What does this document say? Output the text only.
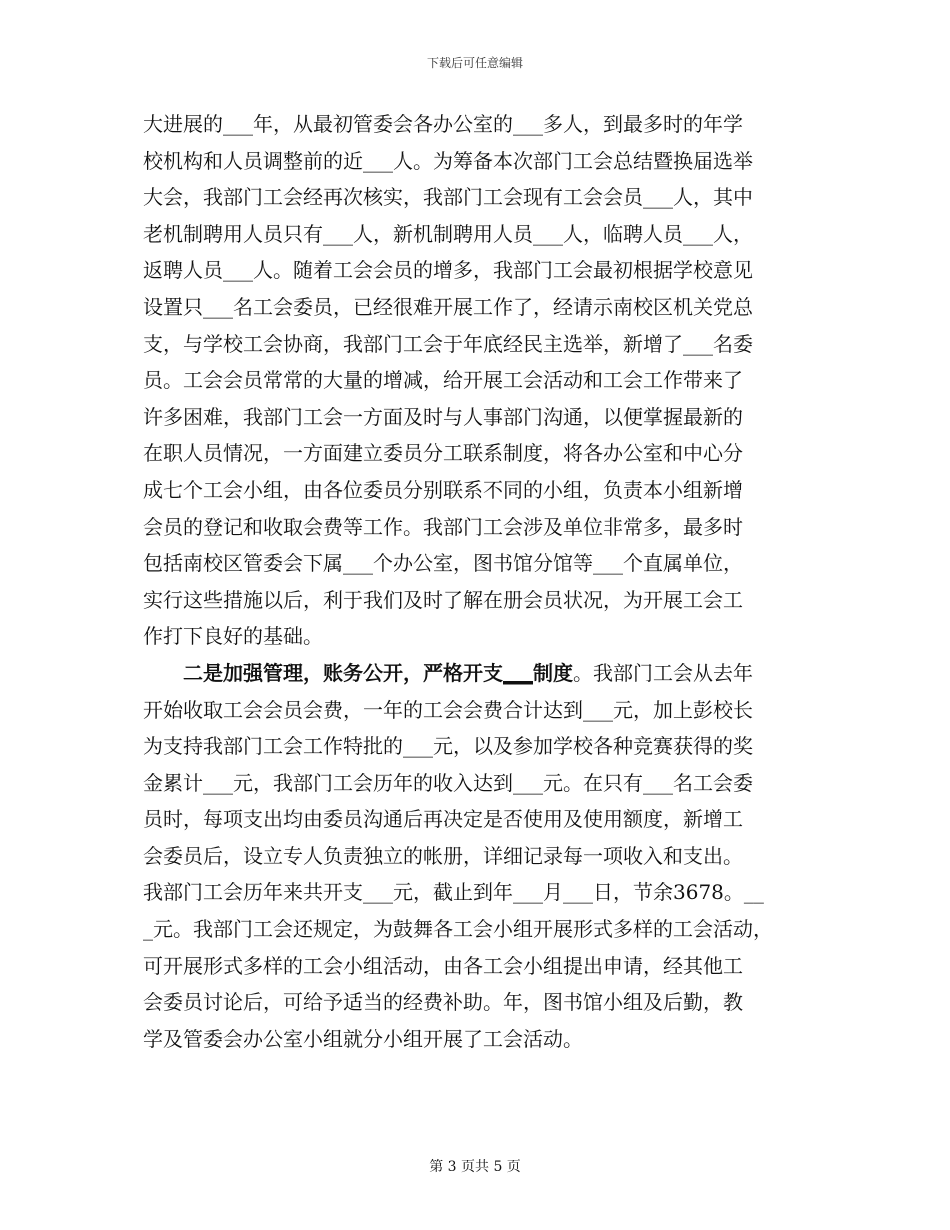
下载后可任意编辑
大进展的___年，从最初管委会各办公室的___多人，到最多时的年学
校机构和人员调整前的近___人。为筹备本次部门工会总结暨换届选举
大会，我部门工会经再次核实，我部门工会现有工会会员___人，其中
老机制聘用人员只有___人，新机制聘用人员___人，临聘人员___人，
返聘人员___人。随着工会会员的增多，我部门工会最初根据学校意见
设置只___名工会委员，已经很难开展工作了，经请示南校区机关党总
支，与学校工会协商，我部门工会于年底经民主选举，新增了___名委
员。工会会员常常的大量的增减，给开展工会活动和工会工作带来了
许多困难，我部门工会一方面及时与人事部门沟通，以便掌握最新的
在职人员情况，一方面建立委员分工联系制度，将各办公室和中心分
成七个工会小组，由各位委员分别联系不同的小组，负责本小组新增
会员的登记和收取会费等工作。我部门工会涉及单位非常多，最多时
包括南校区管委会下属___个办公室，图书馆分馆等___个直属单位，
实行这些措施以后，利于我们及时了解在册会员状况，为开展工会工
作打下良好的基础。
二是加强管理，账务公开，严格开支___制度。我部门工会从去年
开始收取工会会员会费，一年的工会会费合计达到___元，加上彭校长
为支持我部门工会工作特批的___元，以及参加学校各种竞赛获得的奖
金累计___元，我部门工会历年的收入达到___元。在只有___名工会委
员时，每项支出均由委员沟通后再决定是否使用及使用额度，新增工
会委员后，设立专人负责独立的帐册，详细记录每一项收入和支出。
我部门工会历年来共开支___元，截止到年___月___日，节余3678。__
_元。我部门工会还规定，为鼓舞各工会小组开展形式多样的工会活动，
可开展形式多样的工会小组活动，由各工会小组提出申请，经其他工
会委员讨论后，可给予适当的经费补助。年，图书馆小组及后勤，教
学及管委会办公室小组就分小组开展了工会活动。
第 3 页共 5 页
